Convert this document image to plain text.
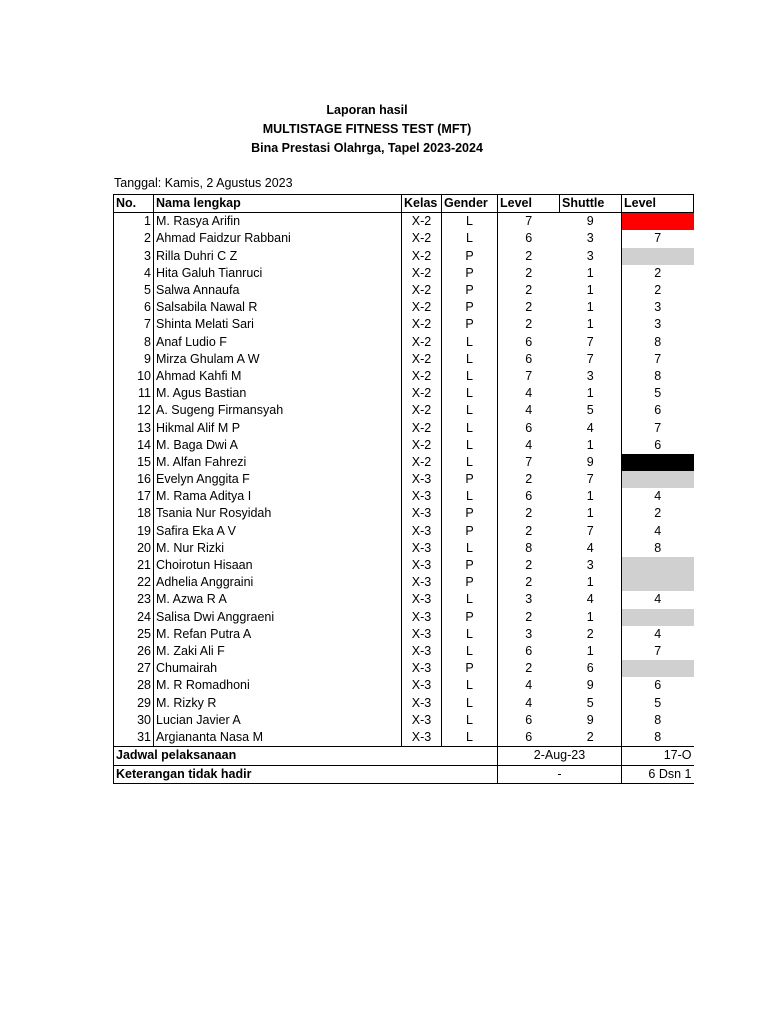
Laporan hasil
MULTISTAGE FITNESS TEST (MFT)
Bina Prestasi Olahrga, Tapel 2023-2024
Tanggal: Kamis, 2 Agustus 2023
No.	Nama lengkap	Kelas	Gender	Level	Shuttle	Level
1	M. Rasya Arifin	X-2	L	7	9	
2	Ahmad Faidzur Rabbani	X-2	L	6	3	7
3	Rilla Duhri C Z	X-2	P	2	3	
4	Hita Galuh Tianruci	X-2	P	2	1	2
5	Salwa Annaufa	X-2	P	2	1	2
6	Salsabila Nawal R	X-2	P	2	1	3
7	Shinta Melati Sari	X-2	P	2	1	3
8	Anaf Ludio F	X-2	L	6	7	8
9	Mirza Ghulam A W	X-2	L	6	7	7
10	Ahmad Kahfi M	X-2	L	7	3	8
11	M. Agus Bastian	X-2	L	4	1	5
12	A. Sugeng Firmansyah	X-2	L	4	5	6
13	Hikmal Alif M P	X-2	L	6	4	7
14	M. Baga Dwi A	X-2	L	4	1	6
15	M. Alfan Fahrezi	X-2	L	7	9	
16	Evelyn Anggita F	X-3	P	2	7	
17	M. Rama Aditya I	X-3	L	6	1	4
18	Tsania Nur Rosyidah	X-3	P	2	1	2
19	Safira Eka A V	X-3	P	2	7	4
20	M. Nur Rizki	X-3	L	8	4	8
21	Choirotun Hisaan	X-3	P	2	3	
22	Adhelia Anggraini	X-3	P	2	1	
23	M. Azwa R A	X-3	L	3	4	4
24	Salisa Dwi Anggraeni	X-3	P	2	1	
25	M. Refan Putra A	X-3	L	3	2	4
26	M. Zaki Ali F	X-3	L	6	1	7
27	Chumairah	X-3	P	2	6	
28	M. R Romadhoni	X-3	L	4	9	6
29	M. Rizky R	X-3	L	4	5	5
30	Lucian Javier A	X-3	L	6	9	8
31	Argiananta Nasa M	X-3	L	6	2	8
Jadwal pelaksanaan				2-Aug-23		17-O
Keterangan tidak hadir				-		6 Dsn 1
